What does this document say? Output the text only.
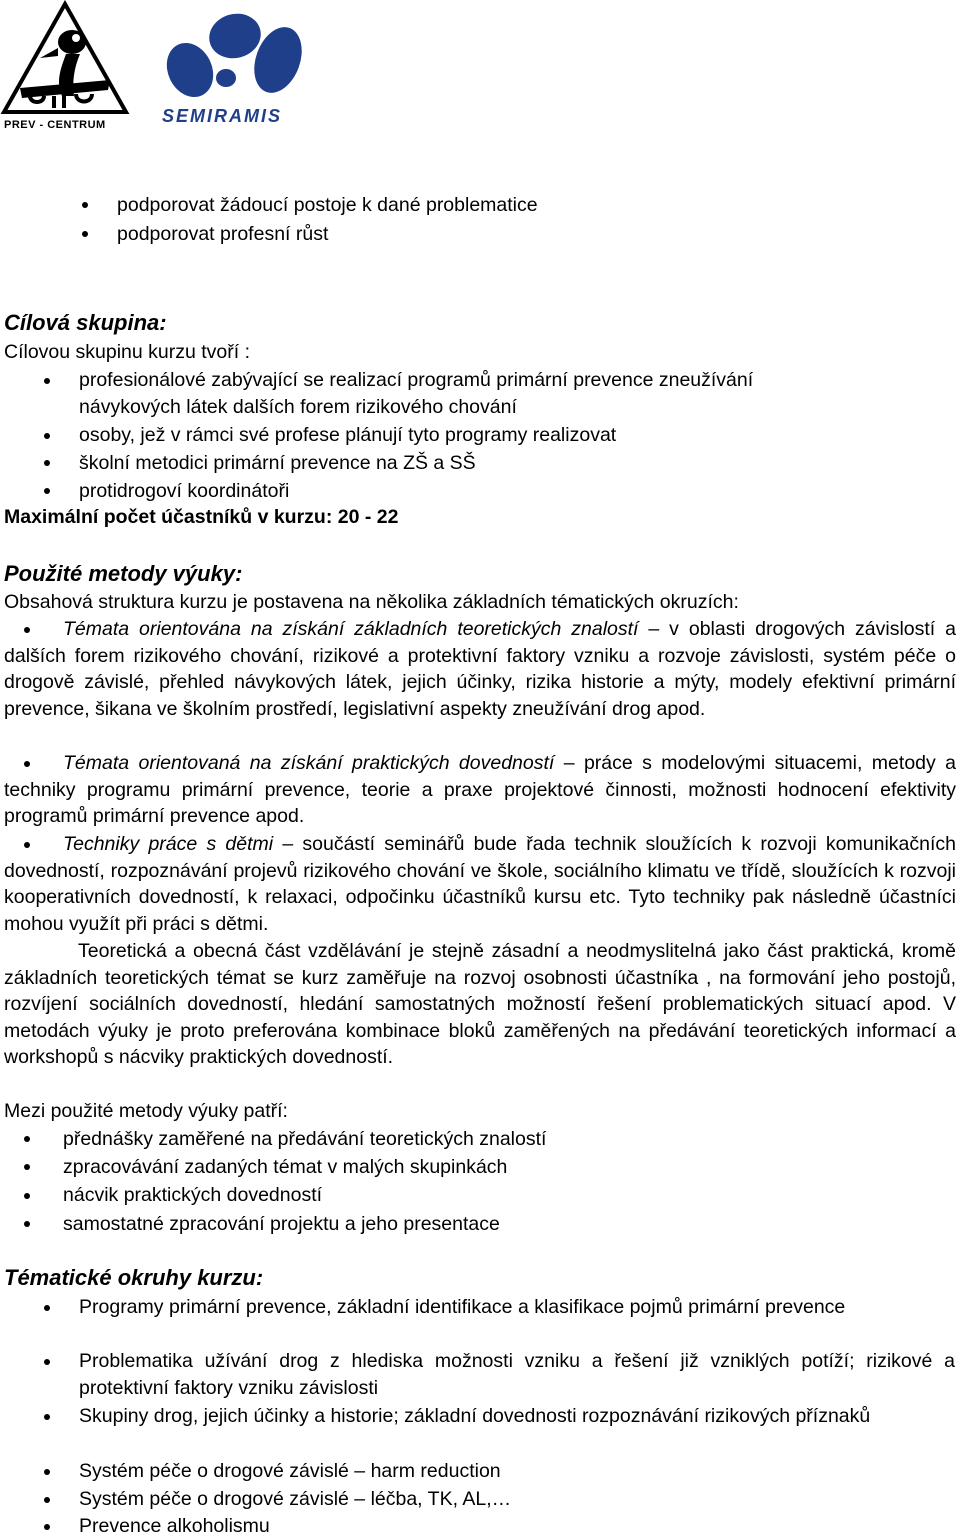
PREV - CENTRUM	SEMIRAMIS
podporovat žádoucí postoje k dané problematice
podporovat profesní růst
Cílová skupina:
Cílovou skupinu kurzu tvoří :
profesionálové zabývající se realizací programů primární prevence zneužívání
návykových látek dalších forem rizikového chování
osoby, jež v rámci své profese plánují tyto programy realizovat
školní metodici primární prevence na ZŠ a SŠ
protidrogoví koordinátoři
Maximální počet účastníků v kurzu: 20 - 22
Použité metody výuky:
Obsahová struktura kurzu je postavena na několika základních tématických okruzích:
Témata orientována na získání základních teoretických znalostí – v oblasti drogových závislostí a dalších forem rizikového chování, rizikové a protektivní faktory vzniku a rozvoje závislosti, systém péče o drogově závislé, přehled návykových látek, jejich účinky, rizika historie a mýty, modely efektivní primární prevence, šikana ve školním prostředí, legislativní aspekty zneužívání drog apod.
Témata orientovaná na získání praktických dovedností – práce s modelovými situacemi, metody a techniky programu primární prevence, teorie a praxe projektové činnosti, možnosti hodnocení efektivity programů primární prevence apod.
Techniky práce s dětmi – součástí seminářů bude řada technik sloužících k rozvoji komunikačních dovedností, rozpoznávání projevů rizikového chování ve škole, sociálního klimatu ve třídě, sloužících k rozvoji kooperativních dovedností, k relaxaci, odpočinku účastníků kursu etc. Tyto techniky pak následně účastníci mohou využít při práci s dětmi.
Teoretická a obecná část vzdělávání je stejně zásadní a neodmyslitelná jako část praktická, kromě základních teoretických témat se kurz zaměřuje na rozvoj osobnosti účastníka , na formování jeho postojů, rozvíjení sociálních dovedností, hledání samostatných možností řešení problematických situací apod. V metodách výuky je proto preferována kombinace bloků zaměřených na předávání teoretických informací a workshopů s nácviky praktických dovedností.
Mezi použité metody výuky patří:
přednášky zaměřené na předávání teoretických znalostí
zpracovávání zadaných témat v malých skupinkách
nácvik praktických dovedností
samostatné zpracování projektu a jeho presentace
Tématické okruhy kurzu:
Programy primární prevence, základní identifikace a klasifikace pojmů primární prevence
Problematika užívání drog z hlediska možnosti vzniku a řešení již vzniklých potíží; rizikové a protektivní faktory vzniku závislosti
Skupiny drog, jejich účinky a historie; základní dovednosti rozpoznávání rizikových příznaků
Systém péče o drogové závislé – harm reduction
Systém péče o drogové závislé – léčba, TK, AL,…
Prevence alkoholismu
